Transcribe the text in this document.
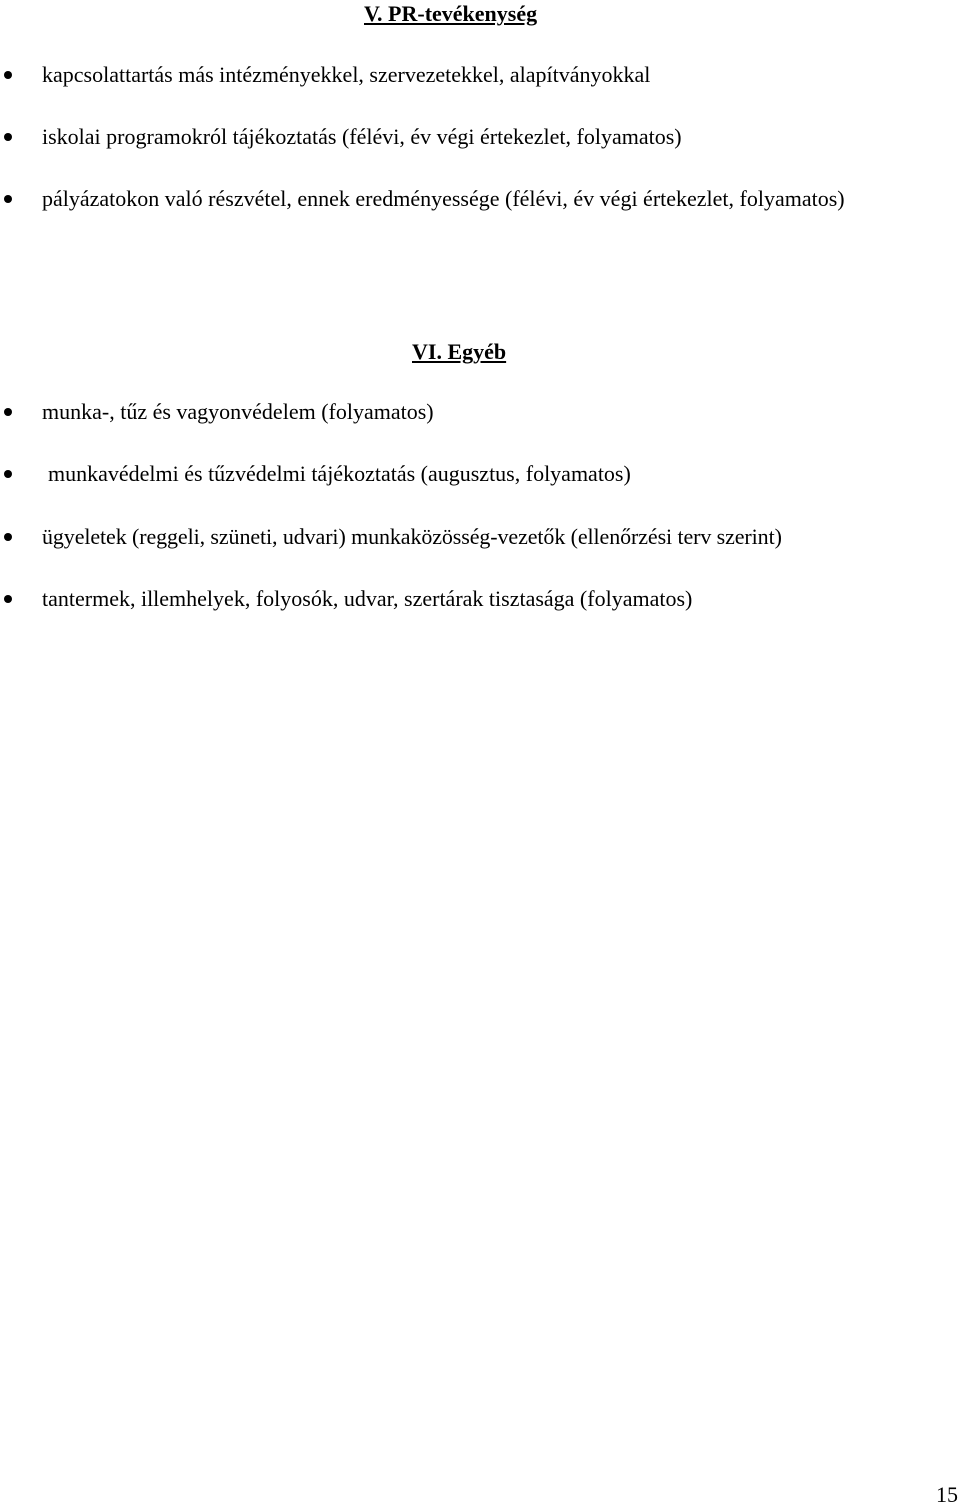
V. PR-tevékenység
kapcsolattartás más intézményekkel, szervezetekkel, alapítványokkal
iskolai programokról tájékoztatás (félévi, év végi értekezlet, folyamatos)
pályázatokon való részvétel, ennek eredményessége (félévi, év végi értekezlet, folyamatos)
VI. Egyéb
munka-, tűz és vagyonvédelem (folyamatos)
munkavédelmi és tűzvédelmi tájékoztatás (augusztus, folyamatos)
ügyeletek (reggeli, szüneti, udvari) munkaközösség-vezetők (ellenőrzési terv szerint)
tantermek, illemhelyek, folyosók, udvar, szertárak tisztasága (folyamatos)
15
